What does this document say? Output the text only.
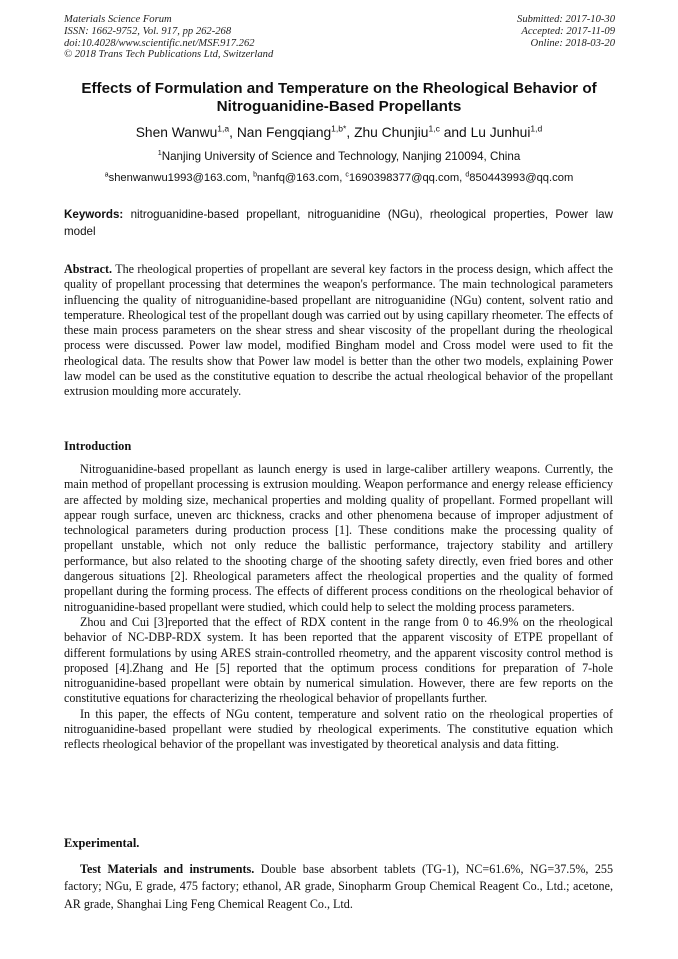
Materials Science Forum
ISSN: 1662-9752, Vol. 917, pp 262-268
doi:10.4028/www.scientific.net/MSF.917.262
© 2018 Trans Tech Publications Ltd, Switzerland
Submitted: 2017-10-30
Accepted: 2017-11-09
Online: 2018-03-20
Effects of Formulation and Temperature on the Rheological Behavior of Nitroguanidine-Based Propellants
Shen Wanwu$^{1,a}$, Nan Fengqiang$^{1,b*}$, Zhu Chunjiu$^{1,c}$ and Lu Junhui$^{1,d}$
$^1$Nanjing University of Science and Technology, Nanjing 210094, China
$^a$shenwanwu1993@163.com, $^b$nanfq@163.com, $^c$1690398377@qq.com, $^d$850443993@qq.com
Keywords: nitroguanidine-based propellant, nitroguanidine (NGu), rheological properties, Power law model
Abstract. The rheological properties of propellant are several key factors in the process design, which affect the quality of propellant processing that determines the weapon's performance. The main technological parameters influencing the quality of nitroguanidine-based propellant are nitroguanidine (NGu) content, solvent ratio and temperature. Rheological test of the propellant dough was carried out by using capillary rheometer. The effects of these main process parameters on the shear stress and shear viscosity of the propellant during the rheological process were discussed. Power law model, modified Bingham model and Cross model were used to fit the rheological data. The results show that Power law model is better than the other two models, explaining Power law model can be used as the constitutive equation to describe the actual rheological behavior of the propellant extrusion moulding more accurately.
Introduction

Nitroguanidine-based propellant as launch energy is used in large-caliber artillery weapons. Currently, the main method of propellant processing is extrusion moulding. Weapon performance and energy release efficiency are affected by molding size, mechanical properties and molding quality of propellant. Formed propellant will appear rough surface, uneven arc thickness, cracks and other phenomena because of improper adjustment of technological parameters during production process [1]. These conditions make the processing quality of propellant unstable, which not only reduce the ballistic performance, trajectory stability and artillery performance, but also related to the shooting charge of the shooting safety directly, even fried bores and other dangerous situations [2]. Rheological parameters affect the rheological properties and the quality of formed propellant during the forming process. The effects of different process conditions on the rheological behavior of nitroguanidine-based propellant were studied, which could help to select the molding process parameters.

Zhou and Cui [3]reported that the effect of RDX content in the range from 0 to 46.9% on the rheological behavior of NC-DBP-RDX system. It has been reported that the apparent viscosity of ETPE propellant of different formulations by using ARES strain-controlled rheometry, and the apparent viscosity control method is proposed [4].Zhang and He [5] reported that the optimum process conditions for preparation of 7-hole nitroguanidine-based propellant were obtain by numerical simulation. However, there are few reports on the constitutive equations for characterizing the rheological behavior of propellants further.

In this paper, the effects of NGu content, temperature and solvent ratio on the rheological properties of nitroguanidine-based propellant were studied by rheological experiments. The constitutive equation which reflects rheological behavior of the propellant was investigated by theoretical analysis and data fitting.

Experimental.

Test Materials and instruments. Double base absorbent tablets (TG-1), NC=61.6%, NG=37.5%, 255 factory; NGu, E grade, 475 factory; ethanol, AR grade, Sinopharm Group Chemical Reagent Co., Ltd.; acetone, AR grade, Shanghai Ling Feng Chemical Reagent Co., Ltd.
